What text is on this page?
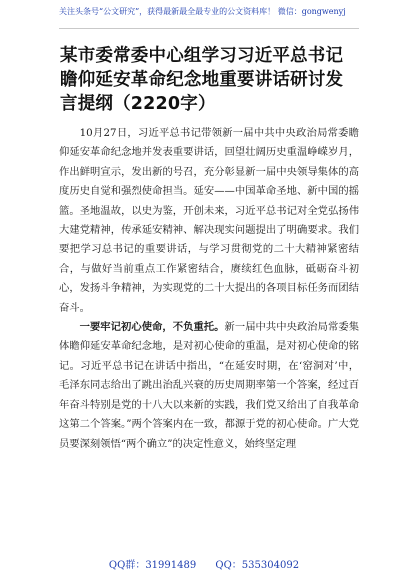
关注头条号“公文研究”，获得最新最全最专业的公文资料库！ 微信：gongwenyj
某市委常委中心组学习习近平总书记瞻仰延安革命纪念地重要讲话研讨发言提纲（2220字）

10月27日，习近平总书记带领新一届中共中央政治局常委瞻仰延安革命纪念地并发表重要讲话，回望壮阔历史重温峥嵘岁月，作出鲜明宣示，发出新的号召，充分彰显新一届中央领导集体的高度历史自觉和强烈使命担当。延安——中国革命圣地、新中国的摇篮。圣地温故，以史为鉴，开创未来，习近平总书记对全党弘扬伟大建党精神，传承延安精神、解决现实问题提出了明确要求。我们要把学习总书记的重要讲话，与学习贯彻党的二十大精神紧密结合，与做好当前重点工作紧密结合，赓续红色血脉，砥砺奋斗初心，发扬斗争精神，为实现党的二十大提出的各项目标任务而团结奋斗。

一要牢记初心使命，不负重托。新一届中共中央政治局常委集体瞻仰延安革命纪念地，是对初心使命的重温，是对初心使命的铭记。习近平总书记在讲话中指出，“在延安时期，在‘窑洞对’中，毛泽东同志给出了跳出治乱兴衰的历史周期率第一个答案，经过百年奋斗特别是党的十八大以来新的实践，我们党又给出了自我革命这第二个答案。”两个答案内在一致，都源于党的初心使命。广大党员要深刻领悟“两个确立”的决定性意义，始终坚定理

QQ群：31991489 QQ：535304092
